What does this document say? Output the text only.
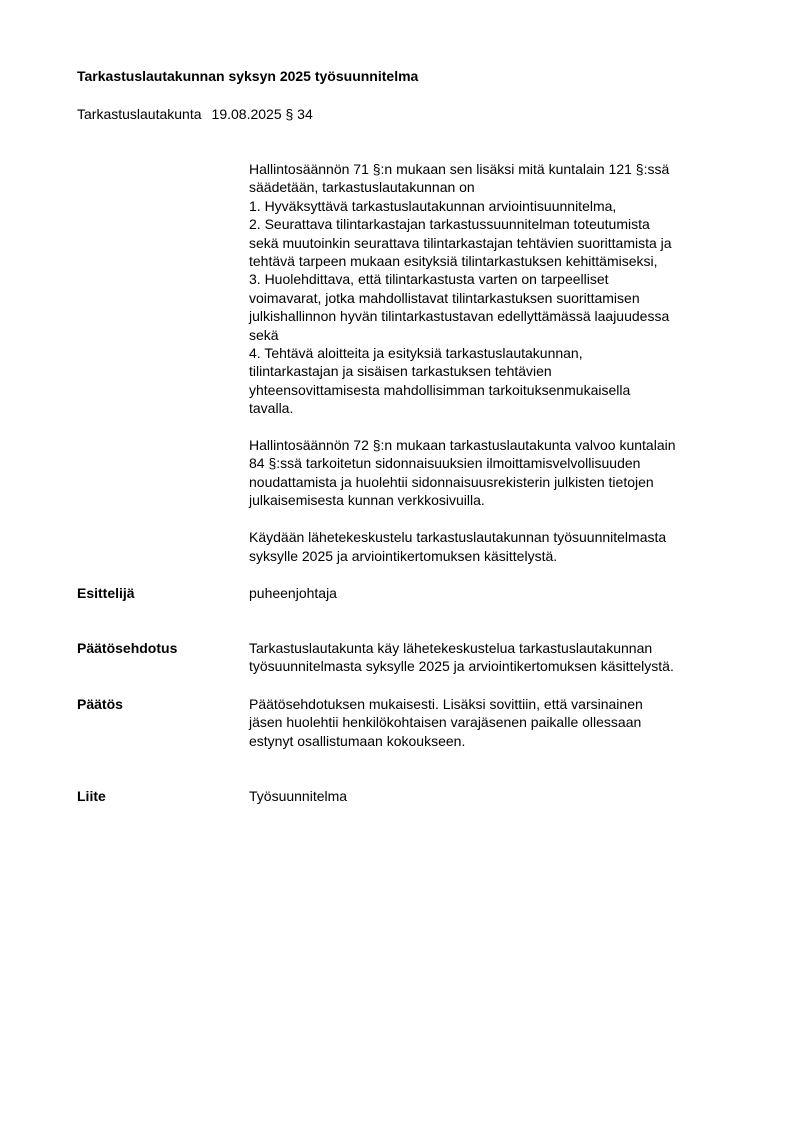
Tarkastuslautakunnan syksyn 2025 työsuunnitelma

Tarkastuslautakunta 19.08.2025 § 34

Hallintosäännön 71 §:n mukaan sen lisäksi mitä kuntalain 121 §:ssä
säädetään, tarkastuslautakunnan on
1. Hyväksyttävä tarkastuslautakunnan arviointisuunnitelma,
2. Seurattava tilintarkastajan tarkastussuunnitelman toteutumista
sekä muutoinkin seurattava tilintarkastajan tehtävien suorittamista ja
tehtävä tarpeen mukaan esityksiä tilintarkastuksen kehittämiseksi,
3. Huolehdittava, että tilintarkastusta varten on tarpeelliset
voimavarat, jotka mahdollistavat tilintarkastuksen suorittamisen
julkishallinnon hyvän tilintarkastustavan edellyttämässä laajuudessa
sekä
4. Tehtävä aloitteita ja esityksiä tarkastuslautakunnan,
tilintarkastajan ja sisäisen tarkastuksen tehtävien
yhteensovittamisesta mahdollisimman tarkoituksenmukaisella
tavalla.

Hallintosäännön 72 §:n mukaan tarkastuslautakunta valvoo kuntalain
84 §:ssä tarkoitetun sidonnaisuuksien ilmoittamisvelvollisuuden
noudattamista ja huolehtii sidonnaisuusrekisterin julkisten tietojen
julkaisemisesta kunnan verkkosivuilla.

Käydään lähetekeskustelu tarkastuslautakunnan työsuunnitelmasta
syksylle 2025 ja arviointikertomuksen käsittelystä.

Esittelijä	puheenjohtaja
Päätösehdotus	Tarkastuslautakunta käy lähetekeskustelua tarkastuslautakunnan
työsuunnitelmasta syksylle 2025 ja arviointikertomuksen käsittelystä.
Päätös	Päätösehdotuksen mukaisesti. Lisäksi sovittiin, että varsinainen
jäsen huolehtii henkilökohtaisen varajäsenen paikalle ollessaan
estynyt osallistumaan kokoukseen.
Liite	Työsuunnitelma
